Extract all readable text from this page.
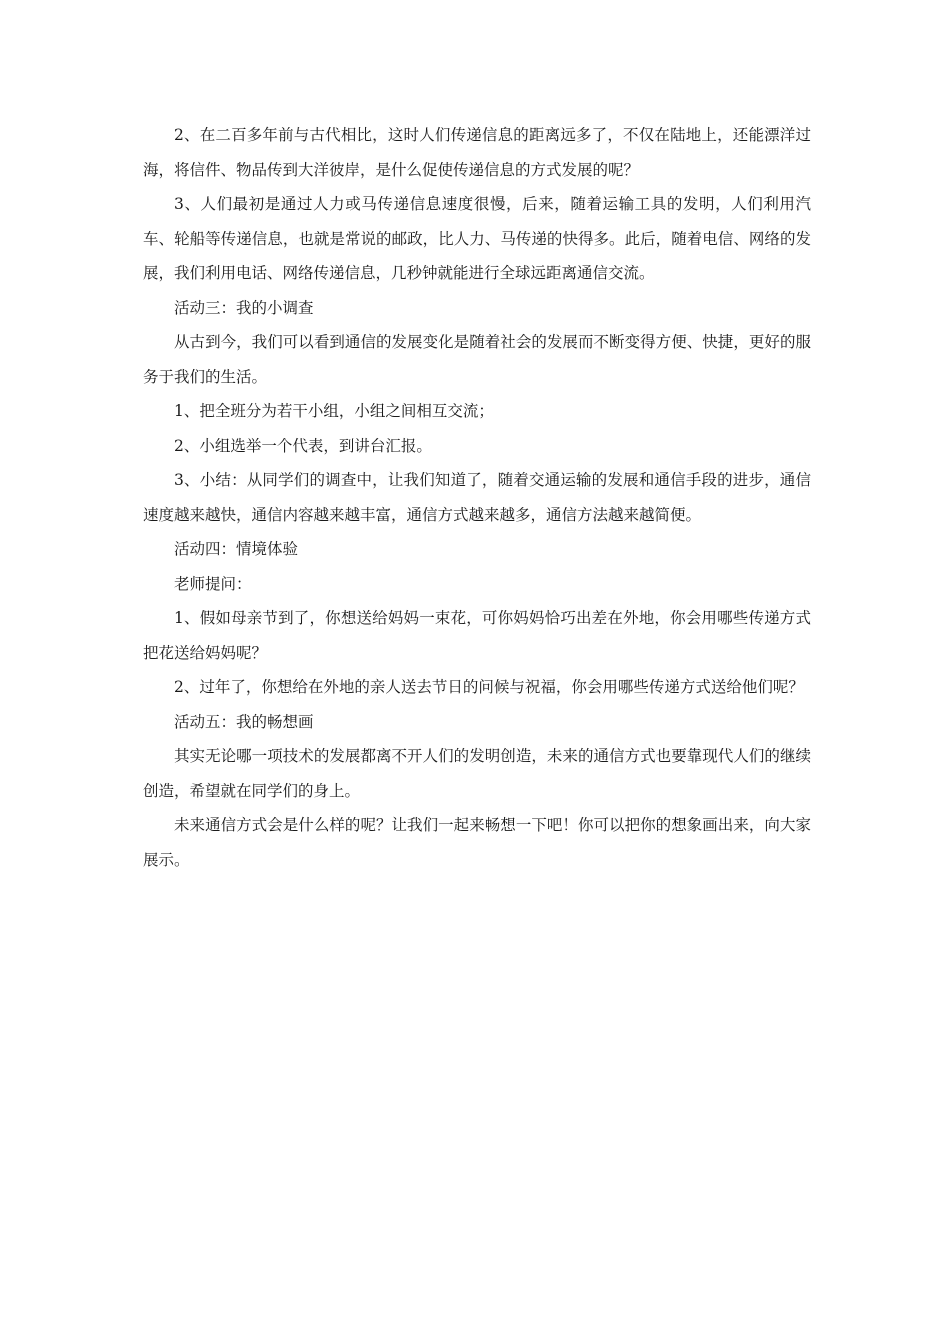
2、在二百多年前与古代相比，这时人们传递信息的距离远多了，不仅在陆地上，还能漂洋过海，将信件、物品传到大洋彼岸，是什么促使传递信息的方式发展的呢？

3、人们最初是通过人力或马传递信息速度很慢，后来，随着运输工具的发明，人们利用汽车、轮船等传递信息，也就是常说的邮政，比人力、马传递的快得多。此后，随着电信、网络的发展，我们利用电话、网络传递信息，几秒钟就能进行全球远距离通信交流。

活动三：我的小调查

从古到今，我们可以看到通信的发展变化是随着社会的发展而不断变得方便、快捷，更好的服务于我们的生活。

1、把全班分为若干小组，小组之间相互交流；

2、小组选举一个代表，到讲台汇报。

3、小结：从同学们的调查中，让我们知道了，随着交通运输的发展和通信手段的进步，通信速度越来越快，通信内容越来越丰富，通信方式越来越多，通信方法越来越简便。

活动四：情境体验

老师提问：

1、假如母亲节到了，你想送给妈妈一束花，可你妈妈恰巧出差在外地，你会用哪些传递方式把花送给妈妈呢？

2、过年了，你想给在外地的亲人送去节日的问候与祝福，你会用哪些传递方式送给他们呢？

活动五：我的畅想画

其实无论哪一项技术的发展都离不开人们的发明创造，未来的通信方式也要靠现代人们的继续创造，希望就在同学们的身上。

未来通信方式会是什么样的呢？让我们一起来畅想一下吧！你可以把你的想象画出来，向大家展示。
